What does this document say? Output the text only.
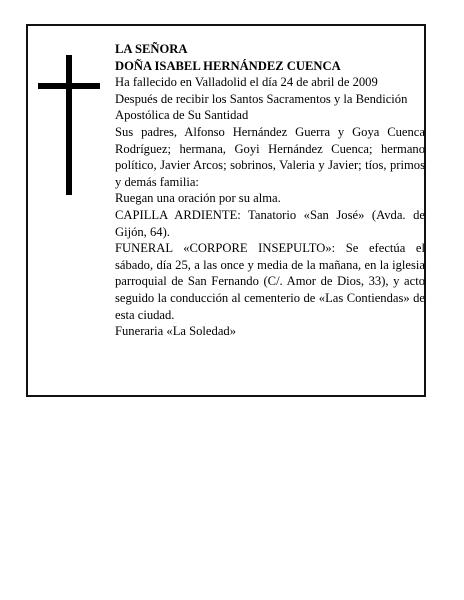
LA SEÑORA

DOÑA ISABEL HERNÁNDEZ CUENCA

Ha fallecido en Valladolid el día 24 de abril de 2009

Después de recibir los Santos Sacramentos y la Bendición Apostólica de Su Santidad

Sus padres, Alfonso Hernández Guerra y Goya Cuenca Rodríguez; hermana, Goyi Hernández Cuenca; hermano político, Javier Arcos; sobrinos, Valeria y Javier; tíos, primos y demás familia:

Ruegan una oración por su alma.

CAPILLA ARDIENTE: Tanatorio «San José» (Avda. de Gijón, 64).

FUNERAL «CORPORE INSEPULTO»: Se efectúa el sábado, día 25, a las once y media de la mañana, en la iglesia parroquial de San Fernando (C/. Amor de Dios, 33), y acto seguido la conducción al cementerio de «Las Contiendas» de esta ciudad.

Funeraria «La Soledad»
